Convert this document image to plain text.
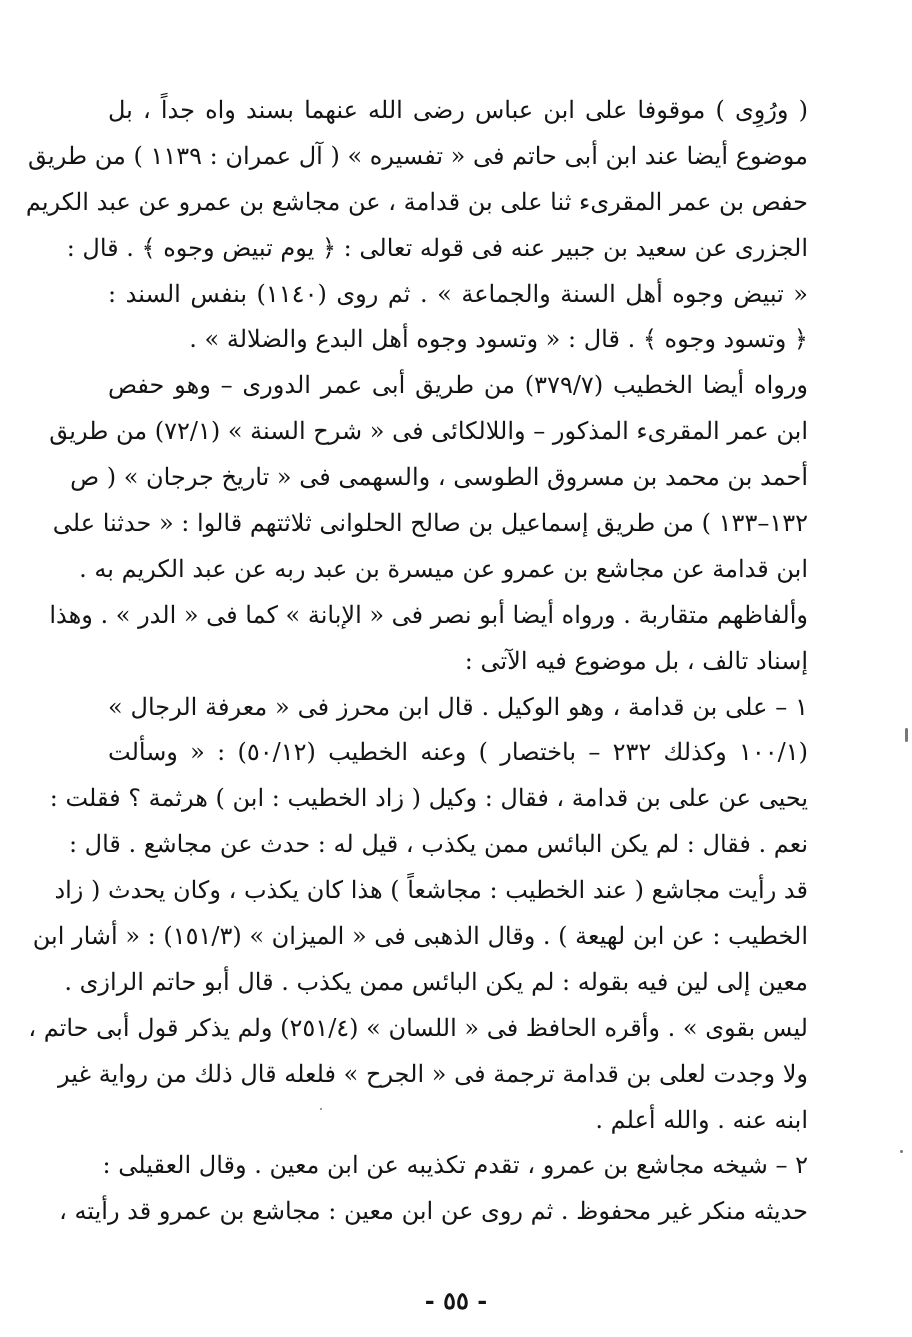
( ورُوِى ) موقوفا على ابن عباس رضى الله عنهما بسند واه جداً ، بل
موضوع أيضا عند ابن أبى حاتم فى « تفسيره » ( آل عمران : ١١٣٩ ) من طريق
حفص بن عمر المقرىء ثنا على بن قدامة ، عن مجاشع بن عمرو عن عبد الكريم
الجزرى عن سعيد بن جبير عنه فى قوله تعالى : ﴿ يوم تبيض وجوه ﴾ . قال :
« تبيض وجوه أهل السنة والجماعة » . ثم روى (١١٤٠) بنفس السند :
﴿ وتسود وجوه ﴾ . قال : « وتسود وجوه أهل البدع والضلالة » .
ورواه أيضا الخطيب (٣٧٩/٧) من طريق أبى عمر الدورى – وهو حفص
ابن عمر المقرىء المذكور – واللالكائى فى « شرح السنة » (٧٢/١) من طريق
أحمد بن محمد بن مسروق الطوسى ، والسهمى فى « تاريخ جرجان » ( ص
١٣٢–١٣٣ ) من طريق إسماعيل بن صالح الحلوانى ثلاثتهم قالوا : « حدثنا على
ابن قدامة عن مجاشع بن عمرو عن ميسرة بن عبد ربه عن عبد الكريم به .
وألفاظهم متقاربة . ورواه أيضا أبو نصر فى « الإبانة » كما فى « الدر » . وهذا
إسناد تالف ، بل موضوع فيه الآتى :
١ – على بن قدامة ، وهو الوكيل . قال ابن محرز فى « معرفة الرجال »
(١٠٠/١ وكذلك ٢٣٢ – باختصار ) وعنه الخطيب (٥٠/١٢) : « وسألت
يحيى عن على بن قدامة ، فقال : وكيل ( زاد الخطيب : ابن ) هرثمة ؟ فقلت :
نعم . فقال : لم يكن البائس ممن يكذب ، قيل له : حدث عن مجاشع . قال :
قد رأيت مجاشع ( عند الخطيب : مجاشعاً ) هذا كان يكذب ، وكان يحدث ( زاد
الخطيب : عن ابن لهيعة ) . وقال الذهبى فى « الميزان » (١٥١/٣) : « أشار ابن
معين إلى لين فيه بقوله : لم يكن البائس ممن يكذب . قال أبو حاتم الرازى .
ليس بقوى » . وأقره الحافظ فى « اللسان » (٢٥١/٤) ولم يذكر قول أبى حاتم ،
ولا وجدت لعلى بن قدامة ترجمة فى « الجرح » فلعله قال ذلك من رواية غير
ابنه عنه . والله أعلم .
٢ – شيخه مجاشع بن عمرو ، تقدم تكذيبه عن ابن معين . وقال العقيلى :
حديثه منكر غير محفوظ . ثم روى عن ابن معين : مجاشع بن عمرو قد رأيته ،
- ٥٥ -
